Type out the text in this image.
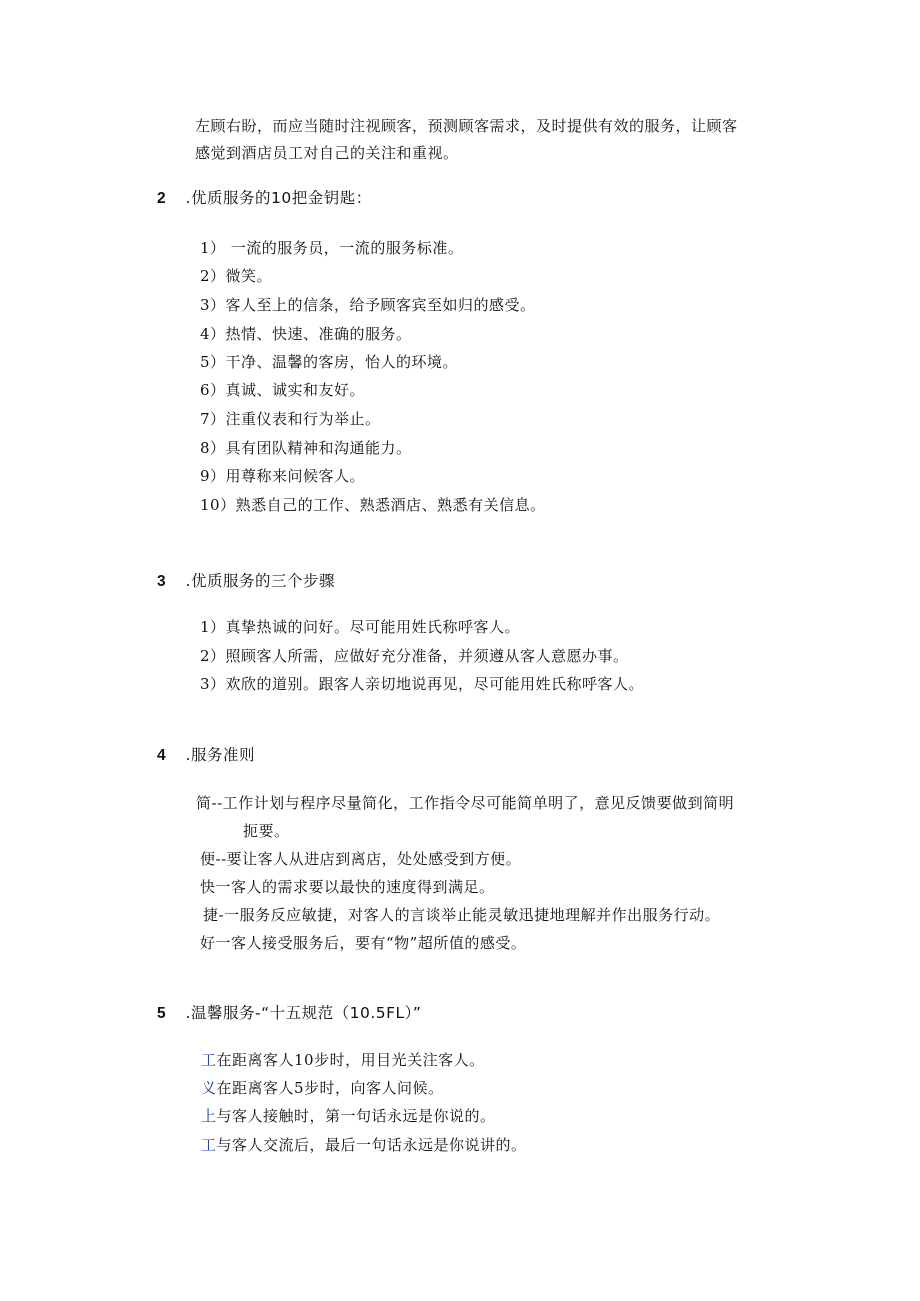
左顾右盼，而应当随时注视顾客，预测顾客需求，及时提供有效的服务，让顾客
感觉到酒店员工对自己的关注和重视。
2 .优质服务的10把金钥匙：
1） 一流的服务员，一流的服务标准。
2）微笑。
3）客人至上的信条，给予顾客宾至如归的感受。
4）热情、快速、准确的服务。
5）干净、温馨的客房，怡人的环境。
6）真诚、诚实和友好。
7）注重仪表和行为举止。
8）具有团队精神和沟通能力。
9）用尊称来问候客人。
10）熟悉自己的工作、熟悉酒店、熟悉有关信息。
3 .优质服务的三个步骤
1）真挚热诚的问好。尽可能用姓氏称呼客人。
2）照顾客人所需，应做好充分准备，并须遵从客人意愿办事。
3）欢欣的道别。跟客人亲切地说再见，尽可能用姓氏称呼客人。
4 .服务准则
简--工作计划与程序尽量简化，工作指令尽可能简单明了，意见反馈要做到简明
扼要。
便--要让客人从进店到离店，处处感受到方便。
快一客人的需求要以最快的速度得到满足。
捷-一服务反应敏捷，对客人的言谈举止能灵敏迅捷地理解并作出服务行动。
好一客人接受服务后，要有“物”超所值的感受。
5 .温馨服务-“十五规范（10.5FL）”
工在距离客人10步时，用目光关注客人。
义在距离客人5步时，向客人问候。
上与客人接触时，第一句话永远是你说的。
工与客人交流后，最后一句话永远是你说讲的。
